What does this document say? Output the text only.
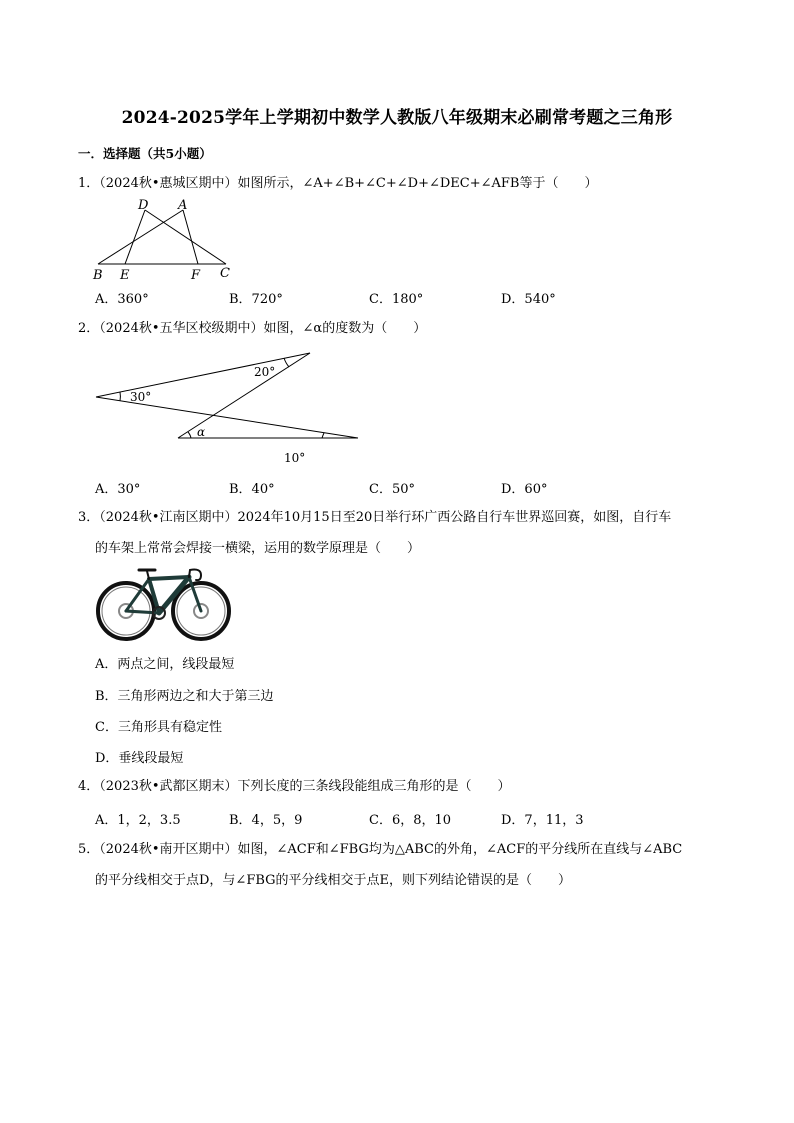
2024-2025学年上学期初中数学人教版八年级期末必刷常考题之三角形
一．选择题（共5小题）
1．（2024秋•惠城区期中）如图所示，∠A+∠B+∠C+∠D+∠DEC+∠AFB等于（　　）
D A
B E	F C
A．360°	B．720°	C．180°	D．540°
2．（2024秋•五华区校级期中）如图，∠α的度数为（　　）
20°
30°
α
10°
A．30°	B．40°	C．50°	D．60°
3．（2024秋•江南区期中）2024年10月15日至20日举行环广西公路自行车世界巡回赛，如图，自行车
的车架上常常会焊接一横梁，运用的数学原理是（　　）
A．两点之间，线段最短
B．三角形两边之和大于第三边
C．三角形具有稳定性
D．垂线段最短
4．（2023秋•武都区期末）下列长度的三条线段能组成三角形的是（　　）
A．1，2，3.5	B．4，5，9	C．6，8，10	D．7，11，3
5．（2024秋•南开区期中）如图，∠ACF和∠FBG均为△ABC的外角，∠ACF的平分线所在直线与∠ABC
的平分线相交于点D，与∠FBG的平分线相交于点E，则下列结论错误的是（　　）
